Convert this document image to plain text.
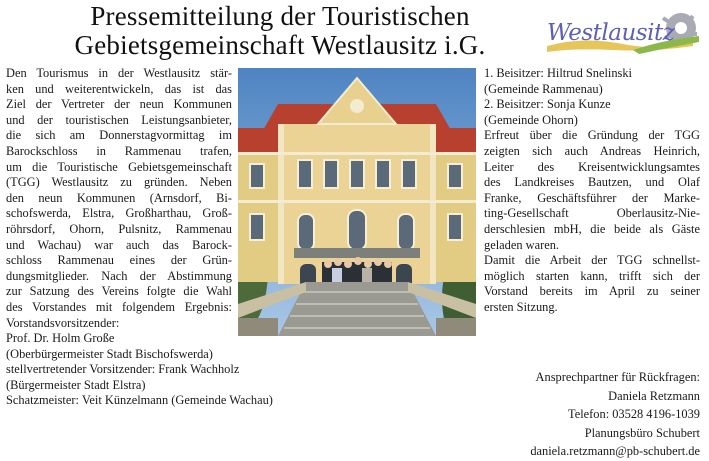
Pressemitteilung der Touristischen
Gebietsgemeinschaft Westlausitz i.G.	Westlausitz

Den Tourismus in der Westlausitz stär-

ken und weiterentwickeln, das ist das

Ziel der Vertreter der neun Kommunen

und der touristischen Leistungsanbieter,

die sich am Donnerstagvormittag im

Barockschloss in Rammenau trafen,

um die Touristische Gebietsgemeinschaft

(TGG) Westlausitz zu gründen. Neben

den neun Kommunen (Arnsdorf, Bi-

schofswerda, Elstra, Großharthau, Groß-

röhrsdorf, Ohorn, Pulsnitz, Rammenau

und Wachau) war auch das Barock-

schloss Rammenau eines der Grün-

dungsmitglieder. Nach der Abstimmung

zur Satzung des Vereins folgte die Wahl

des Vorstandes mit folgendem Ergebnis:

Vorstandsvorsitzender:

Prof. Dr. Holm Große

(Oberbürgermeister Stadt Bischofswerda)

stellvertretender Vorsitzender: Frank Wachholz

(Bürgermeister Stadt Elstra)

Schatzmeister: Veit Künzelmann (Gemeinde Wachau)

1. Beisitzer: Hiltrud Snelinski

(Gemeinde Rammenau)

2. Beisitzer: Sonja Kunze

(Gemeinde Ohorn)

Erfreut über die Gründung der TGG

zeigten sich auch Andreas Heinrich,

Leiter des Kreisentwicklungsamtes

des Landkreises Bautzen, und Olaf

Franke, Geschäftsführer der Marke-

ting-Gesellschaft Oberlausitz-Nie-

derschlesien mbH, die beide als Gäste

geladen waren.

Damit die Arbeit der TGG schnellst-

möglich starten kann, trifft sich der

Vorstand bereits im April zu seiner

ersten Sitzung.

Ansprechpartner für Rückfragen:
Daniela Retzmann
Telefon: 03528 4196-1039
Planungsbüro Schubert
daniela.retzmann@pb-schubert.de
